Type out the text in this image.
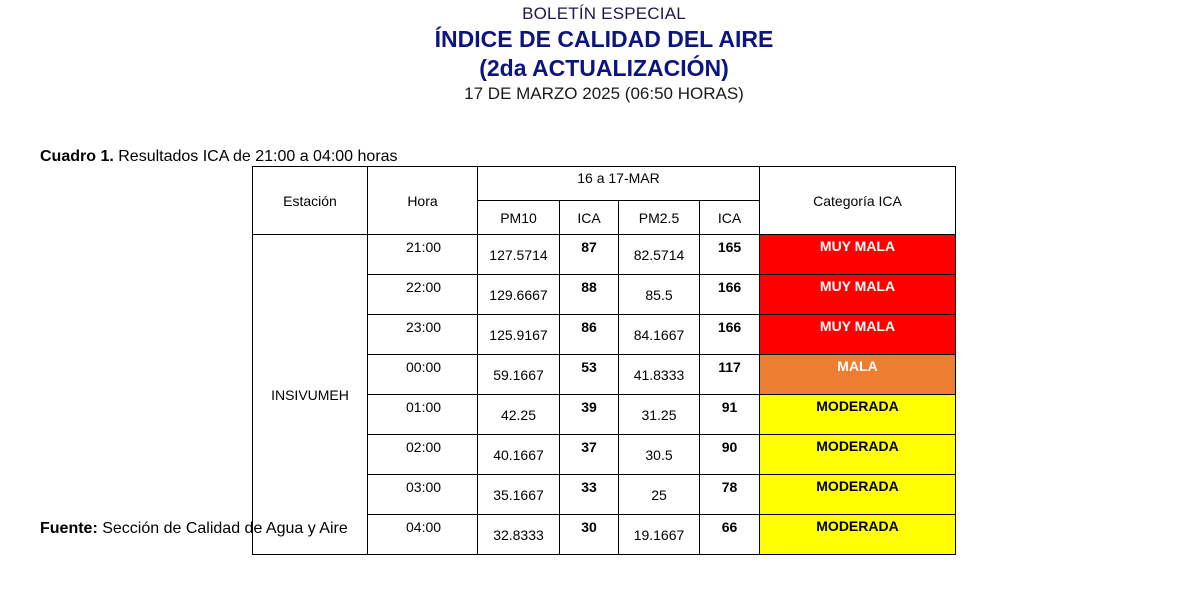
BOLETÍN ESPECIAL
ÍNDICE DE CALIDAD DEL AIRE
(2da ACTUALIZACIÓN)
17 DE MARZO 2025 (06:50 HORAS)
Cuadro 1. Resultados ICA de 21:00 a 04:00 horas
Estación	Hora	16 a 17-MAR				Categoría ICA
		PM10	ICA	PM2.5	ICA	
INSIVUMEH	21:00	127.5714	87	82.5714	165	MUY MALA
	22:00	129.6667	88	85.5	166	MUY MALA
	23:00	125.9167	86	84.1667	166	MUY MALA
	00:00	59.1667	53	41.8333	117	MALA
	01:00	42.25	39	31.25	91	MODERADA
	02:00	40.1667	37	30.5	90	MODERADA
	03:00	35.1667	33	25	78	MODERADA
	04:00	32.8333	30	19.1667	66	MODERADA
Fuente: Sección de Calidad de Agua y Aire
